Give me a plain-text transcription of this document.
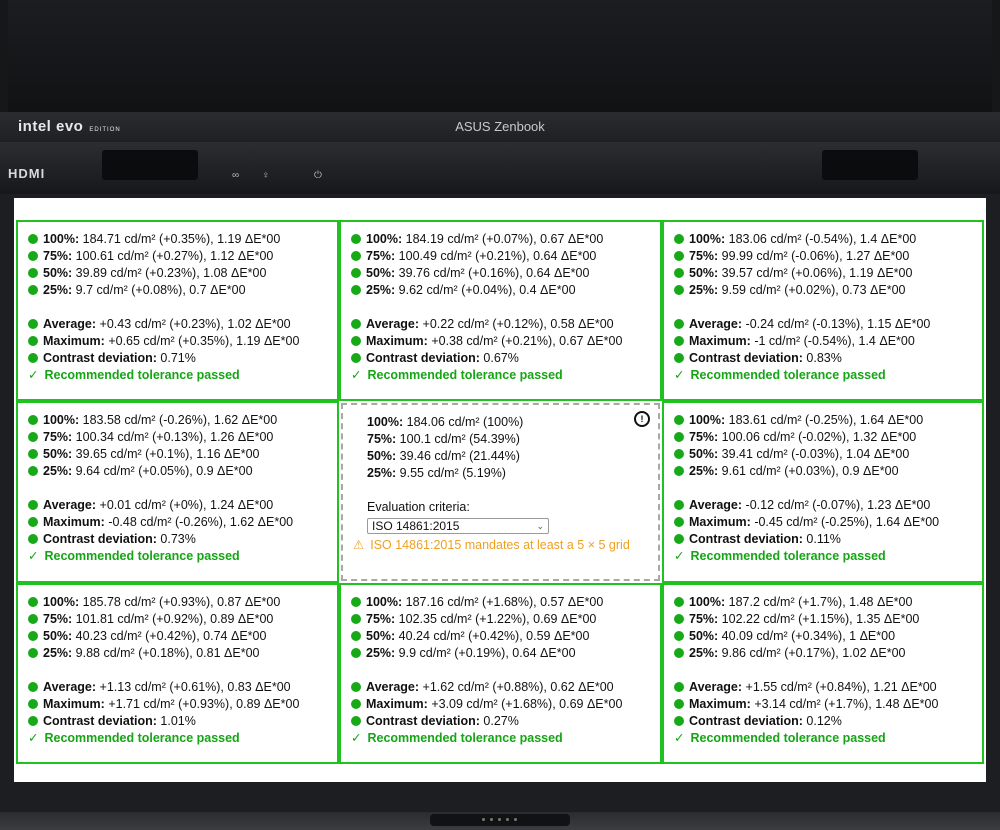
intel evo EDITION	ASUS Zenbook
HDMI	∞ ♀	⏻
100%: 184.71 cd/m² (+0.35%), 1.19 ΔE*00
75%: 100.61 cd/m² (+0.27%), 1.12 ΔE*00
50%: 39.89 cd/m² (+0.23%), 1.08 ΔE*00
25%: 9.7 cd/m² (+0.08%), 0.7 ΔE*00
Average: +0.43 cd/m² (+0.23%), 1.02 ΔE*00
Maximum: +0.65 cd/m² (+0.35%), 1.19 ΔE*00
Contrast deviation: 0.71%
✓ Recommended tolerance passed
100%: 184.19 cd/m² (+0.07%), 0.67 ΔE*00
75%: 100.49 cd/m² (+0.21%), 0.64 ΔE*00
50%: 39.76 cd/m² (+0.16%), 0.64 ΔE*00
25%: 9.62 cd/m² (+0.04%), 0.4 ΔE*00
Average: +0.22 cd/m² (+0.12%), 0.58 ΔE*00
Maximum: +0.38 cd/m² (+0.21%), 0.67 ΔE*00
Contrast deviation: 0.67%
✓ Recommended tolerance passed
100%: 183.06 cd/m² (-0.54%), 1.4 ΔE*00
75%: 99.99 cd/m² (-0.06%), 1.27 ΔE*00
50%: 39.57 cd/m² (+0.06%), 1.19 ΔE*00
25%: 9.59 cd/m² (+0.02%), 0.73 ΔE*00
Average: -0.24 cd/m² (-0.13%), 1.15 ΔE*00
Maximum: -1 cd/m² (-0.54%), 1.4 ΔE*00
Contrast deviation: 0.83%
✓ Recommended tolerance passed
100%: 183.58 cd/m² (-0.26%), 1.62 ΔE*00
75%: 100.34 cd/m² (+0.13%), 1.26 ΔE*00
50%: 39.65 cd/m² (+0.1%), 1.16 ΔE*00
25%: 9.64 cd/m² (+0.05%), 0.9 ΔE*00
Average: +0.01 cd/m² (+0%), 1.24 ΔE*00
Maximum: -0.48 cd/m² (-0.26%), 1.62 ΔE*00
Contrast deviation: 0.73%
✓ Recommended tolerance passed
!
100%: 184.06 cd/m² (100%)
75%: 100.1 cd/m² (54.39%)
50%: 39.46 cd/m² (21.44%)
25%: 9.55 cd/m² (5.19%)
Evaluation criteria:
ISO 14861:2015	⌄
⚠ ISO 14861:2015 mandates at least a 5 × 5 grid
100%: 183.61 cd/m² (-0.25%), 1.64 ΔE*00
75%: 100.06 cd/m² (-0.02%), 1.32 ΔE*00
50%: 39.41 cd/m² (-0.03%), 1.04 ΔE*00
25%: 9.61 cd/m² (+0.03%), 0.9 ΔE*00
Average: -0.12 cd/m² (-0.07%), 1.23 ΔE*00
Maximum: -0.45 cd/m² (-0.25%), 1.64 ΔE*00
Contrast deviation: 0.11%
✓ Recommended tolerance passed
100%: 185.78 cd/m² (+0.93%), 0.87 ΔE*00
75%: 101.81 cd/m² (+0.92%), 0.89 ΔE*00
50%: 40.23 cd/m² (+0.42%), 0.74 ΔE*00
25%: 9.88 cd/m² (+0.18%), 0.81 ΔE*00
Average: +1.13 cd/m² (+0.61%), 0.83 ΔE*00
Maximum: +1.71 cd/m² (+0.93%), 0.89 ΔE*00
Contrast deviation: 1.01%
✓ Recommended tolerance passed
100%: 187.16 cd/m² (+1.68%), 0.57 ΔE*00
75%: 102.35 cd/m² (+1.22%), 0.69 ΔE*00
50%: 40.24 cd/m² (+0.42%), 0.59 ΔE*00
25%: 9.9 cd/m² (+0.19%), 0.64 ΔE*00
Average: +1.62 cd/m² (+0.88%), 0.62 ΔE*00
Maximum: +3.09 cd/m² (+1.68%), 0.69 ΔE*00
Contrast deviation: 0.27%
✓ Recommended tolerance passed
100%: 187.2 cd/m² (+1.7%), 1.48 ΔE*00
75%: 102.22 cd/m² (+1.15%), 1.35 ΔE*00
50%: 40.09 cd/m² (+0.34%), 1 ΔE*00
25%: 9.86 cd/m² (+0.17%), 1.02 ΔE*00
Average: +1.55 cd/m² (+0.84%), 1.21 ΔE*00
Maximum: +3.14 cd/m² (+1.7%), 1.48 ΔE*00
Contrast deviation: 0.12%
✓ Recommended tolerance passed
